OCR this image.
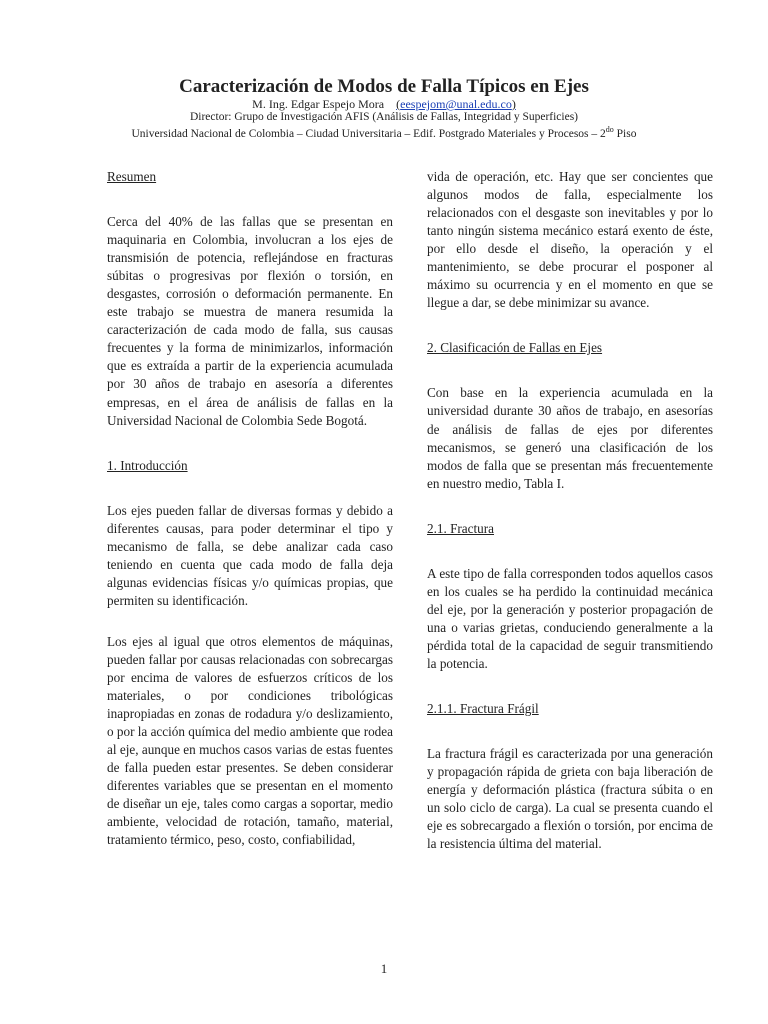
Caracterización de Modos de Falla Típicos en Ejes
M. Ing. Edgar Espejo Mora (eespejom@unal.edu.co)
Director: Grupo de Investigación AFIS (Análisis de Fallas, Integridad y Superficies)
Universidad Nacional de Colombia – Ciudad Universitaria – Edif. Postgrado Materiales y Procesos – $2^{do}$ Piso

Resumen

Cerca del 40% de las fallas que se presentan en maquinaria en Colombia, involucran a los ejes de transmisión de potencia, reflejándose en fracturas súbitas o progresivas por flexión o torsión, en desgastes, corrosión o deformación permanente. En este trabajo se muestra de manera resumida la caracterización de cada modo de falla, sus causas frecuentes y la forma de minimizarlos, información que es extraída a partir de la experiencia acumulada por 30 años de trabajo en asesoría a diferentes empresas, en el área de análisis de fallas en la Universidad Nacional de Colombia Sede Bogotá.

1. Introducción

Los ejes pueden fallar de diversas formas y debido a diferentes causas, para poder determinar el tipo y mecanismo de falla, se debe analizar cada caso teniendo en cuenta que cada modo de falla deja algunas evidencias físicas y/o químicas propias, que permiten su identificación.

Los ejes al igual que otros elementos de máquinas, pueden fallar por causas relacionadas con sobrecargas por encima de valores de esfuerzos críticos de los materiales, o por condiciones tribológicas inapropiadas en zonas de rodadura y/o deslizamiento, o por la acción química del medio ambiente que rodea al eje, aunque en muchos casos varias de estas fuentes de falla pueden estar presentes. Se deben considerar diferentes variables que se presentan en el momento de diseñar un eje, tales como cargas a soportar, medio ambiente, velocidad de rotación, tamaño, material, tratamiento térmico, peso, costo, confiabilidad,

vida de operación, etc. Hay que ser concientes que algunos modos de falla, especialmente los relacionados con el desgaste son inevitables y por lo tanto ningún sistema mecánico estará exento de éste, por ello desde el diseño, la operación y el mantenimiento, se debe procurar el posponer al máximo su ocurrencia y en el momento en que se llegue a dar, se debe minimizar su avance.

2. Clasificación de Fallas en Ejes

Con base en la experiencia acumulada en la universidad durante 30 años de trabajo, en asesorías de análisis de fallas de ejes por diferentes mecanismos, se generó una clasificación de los modos de falla que se presentan más frecuentemente en nuestro medio, Tabla I.

2.1. Fractura

A este tipo de falla corresponden todos aquellos casos en los cuales se ha perdido la continuidad mecánica del eje, por la generación y posterior propagación de una o varias grietas, conduciendo generalmente a la pérdida total de la capacidad de seguir transmitiendo la potencia.

2.1.1. Fractura Frágil

La fractura frágil es caracterizada por una generación y propagación rápida de grieta con baja liberación de energía y deformación plástica (fractura súbita o en un solo ciclo de carga). La cual se presenta cuando el eje es sobrecargado a flexión o torsión, por encima de la resistencia última del material.

1
